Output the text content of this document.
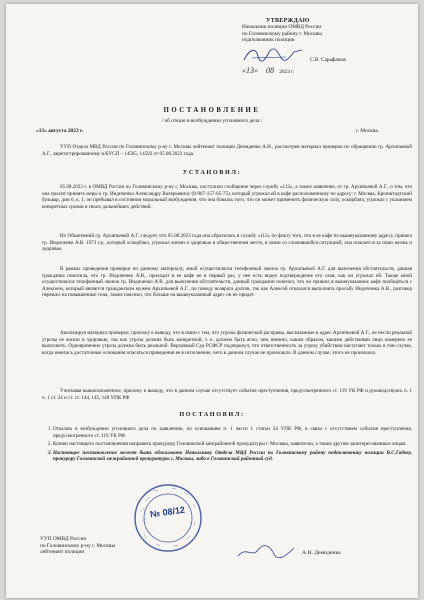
УТВЕРЖДАЮ
Начальник полиции ОМВД России
по Головинскому району г. Москвы
подполковник полиции
С.В. Сарафанов
«13» 08 2023 г.
ПОСТАНОВЛЕНИЕ
/ об отказе в возбуждении уголовного дела /
«13» августа 2023 г.	г. Москва.
УУП Отдела МВД России по Головинскому р-ну г. Москвы лейтенант полиции Демиденко А.Н., рассмотрев материал проверки по обращению гр. Архипьевой А.Г., зарегистрированному в КУСП – 14565, 14593 от 05.08.2023 года.
УСТАНОВИЛ:
05.08.2023 г. в ОМВД России по Головинскому р-ну г. Москвы, поступило сообщение через службу «112», а также заявление, от гр. Архипьевой А.Г., о том, что она просит принять меры к гр. Индиченко Александру Валерьевичу (8-967-157-05-75), который угрожал ей в кафе расположенному по адресу: г. Москва, Кронштадтский бульвар, дом 6, к. 1, он пребывал в состоянии моральный возбуждения, что она боялась того, что он может применить физическую силу, оскорблял, угрожал с указанием конкретных сроков и своих дальнейших действий.
Их Объяснений гр. Архипьевой А.Г. следует, что 05.08.2023 года она обратилась в службу «112» по факту того, что в ее кафе по вышеуказанному адресу, пришел гр. Индиченко А.В. 1973 г.р., который оскорблял, угрожал жизни и здоровью в общественном месте, в связи со сложившейся ситуацией, она опасается за свою жизнь и здоровье.
В рамках проведения проверки по данному материалу, мной осуществлялся телефонный звонок гр. Архипьевой А.Г. для выяснения обстоятельств, данная гражданка пояснила, что гр. Индиченко А.В., приходит в ее кафе не в первый раз, у нее есть видео подтверждение его слов, как он угрожал ей. Также мной осуществлялся телефонный звонок гр. Индиченко А.В. для выяснения обстоятельств, данный гражданин пояснил, что он пришел в вышеуказанное кафе пообщаться с Алексеем, который является гражданским мужем Архипьевой А.Г., по поводу возврата долгов, так как Алексей отказался выполнять просьбу Индиченко А.В., разговор перешел на повышенные тона, также пояснил, что больше на вышеуказанный адрес он не придет.
Анализируя материал проверки, прихожу к выводу, что в связи с тем, что угрозы физической расправы, высказанные в адрес Архипьевой А.Г., не несли реальной угрозы ее жизни и здоровью, так как угроза должна быть конкретной, т. е. должно быть ясно, чем именно, каким образом, какими действиями лицо намерено ее выполнить. Одновременно угроза должна быть реальной. Верховный Суд РСФСР подчеркнул, что ответственность за угрозу убийством наступает только в том случае, когда имелись достаточные основания опасаться приведения ее в исполнение, чего в данном случае не произошло. В данном случае, этого не произошло.
Учитывая вышеизложенное, прихожу к выводу, что в данном случае отсутствует событие преступления, предусмотренного ст. 119 УК РФ и руководствуясь п. 1 ч. 1 ст. 24 и ст. ст. 144, 145, 148 УПК РФ
ПОСТАНОВИЛ:
1. Отказать в возбуждении уголовного дела по заявлению, по основаниям п. 1 части 1 статьи 24 УПК РФ, в связи с отсутствием события преступления, предусмотренного ст. 119 УК РФ.
2. Копию настоящего постановления направить прокурору Головинской межрайонной прокуратуры г. Москвы, заявителю, а также другим заинтересованным лицам.
3. Настоящее постановление может быть обжаловано Начальнику Отдела МВД России по Головинскому району подполковнику полиции В.С.Гадову, прокурору Головинской межрайонной прокуратуры г. Москвы, либо в Головинский районный суд.
№ 08/12
УУП ОМВД России
по Головинскому р-ну г. Москвы
лейтенант полиции	А.Н. Демиденко
